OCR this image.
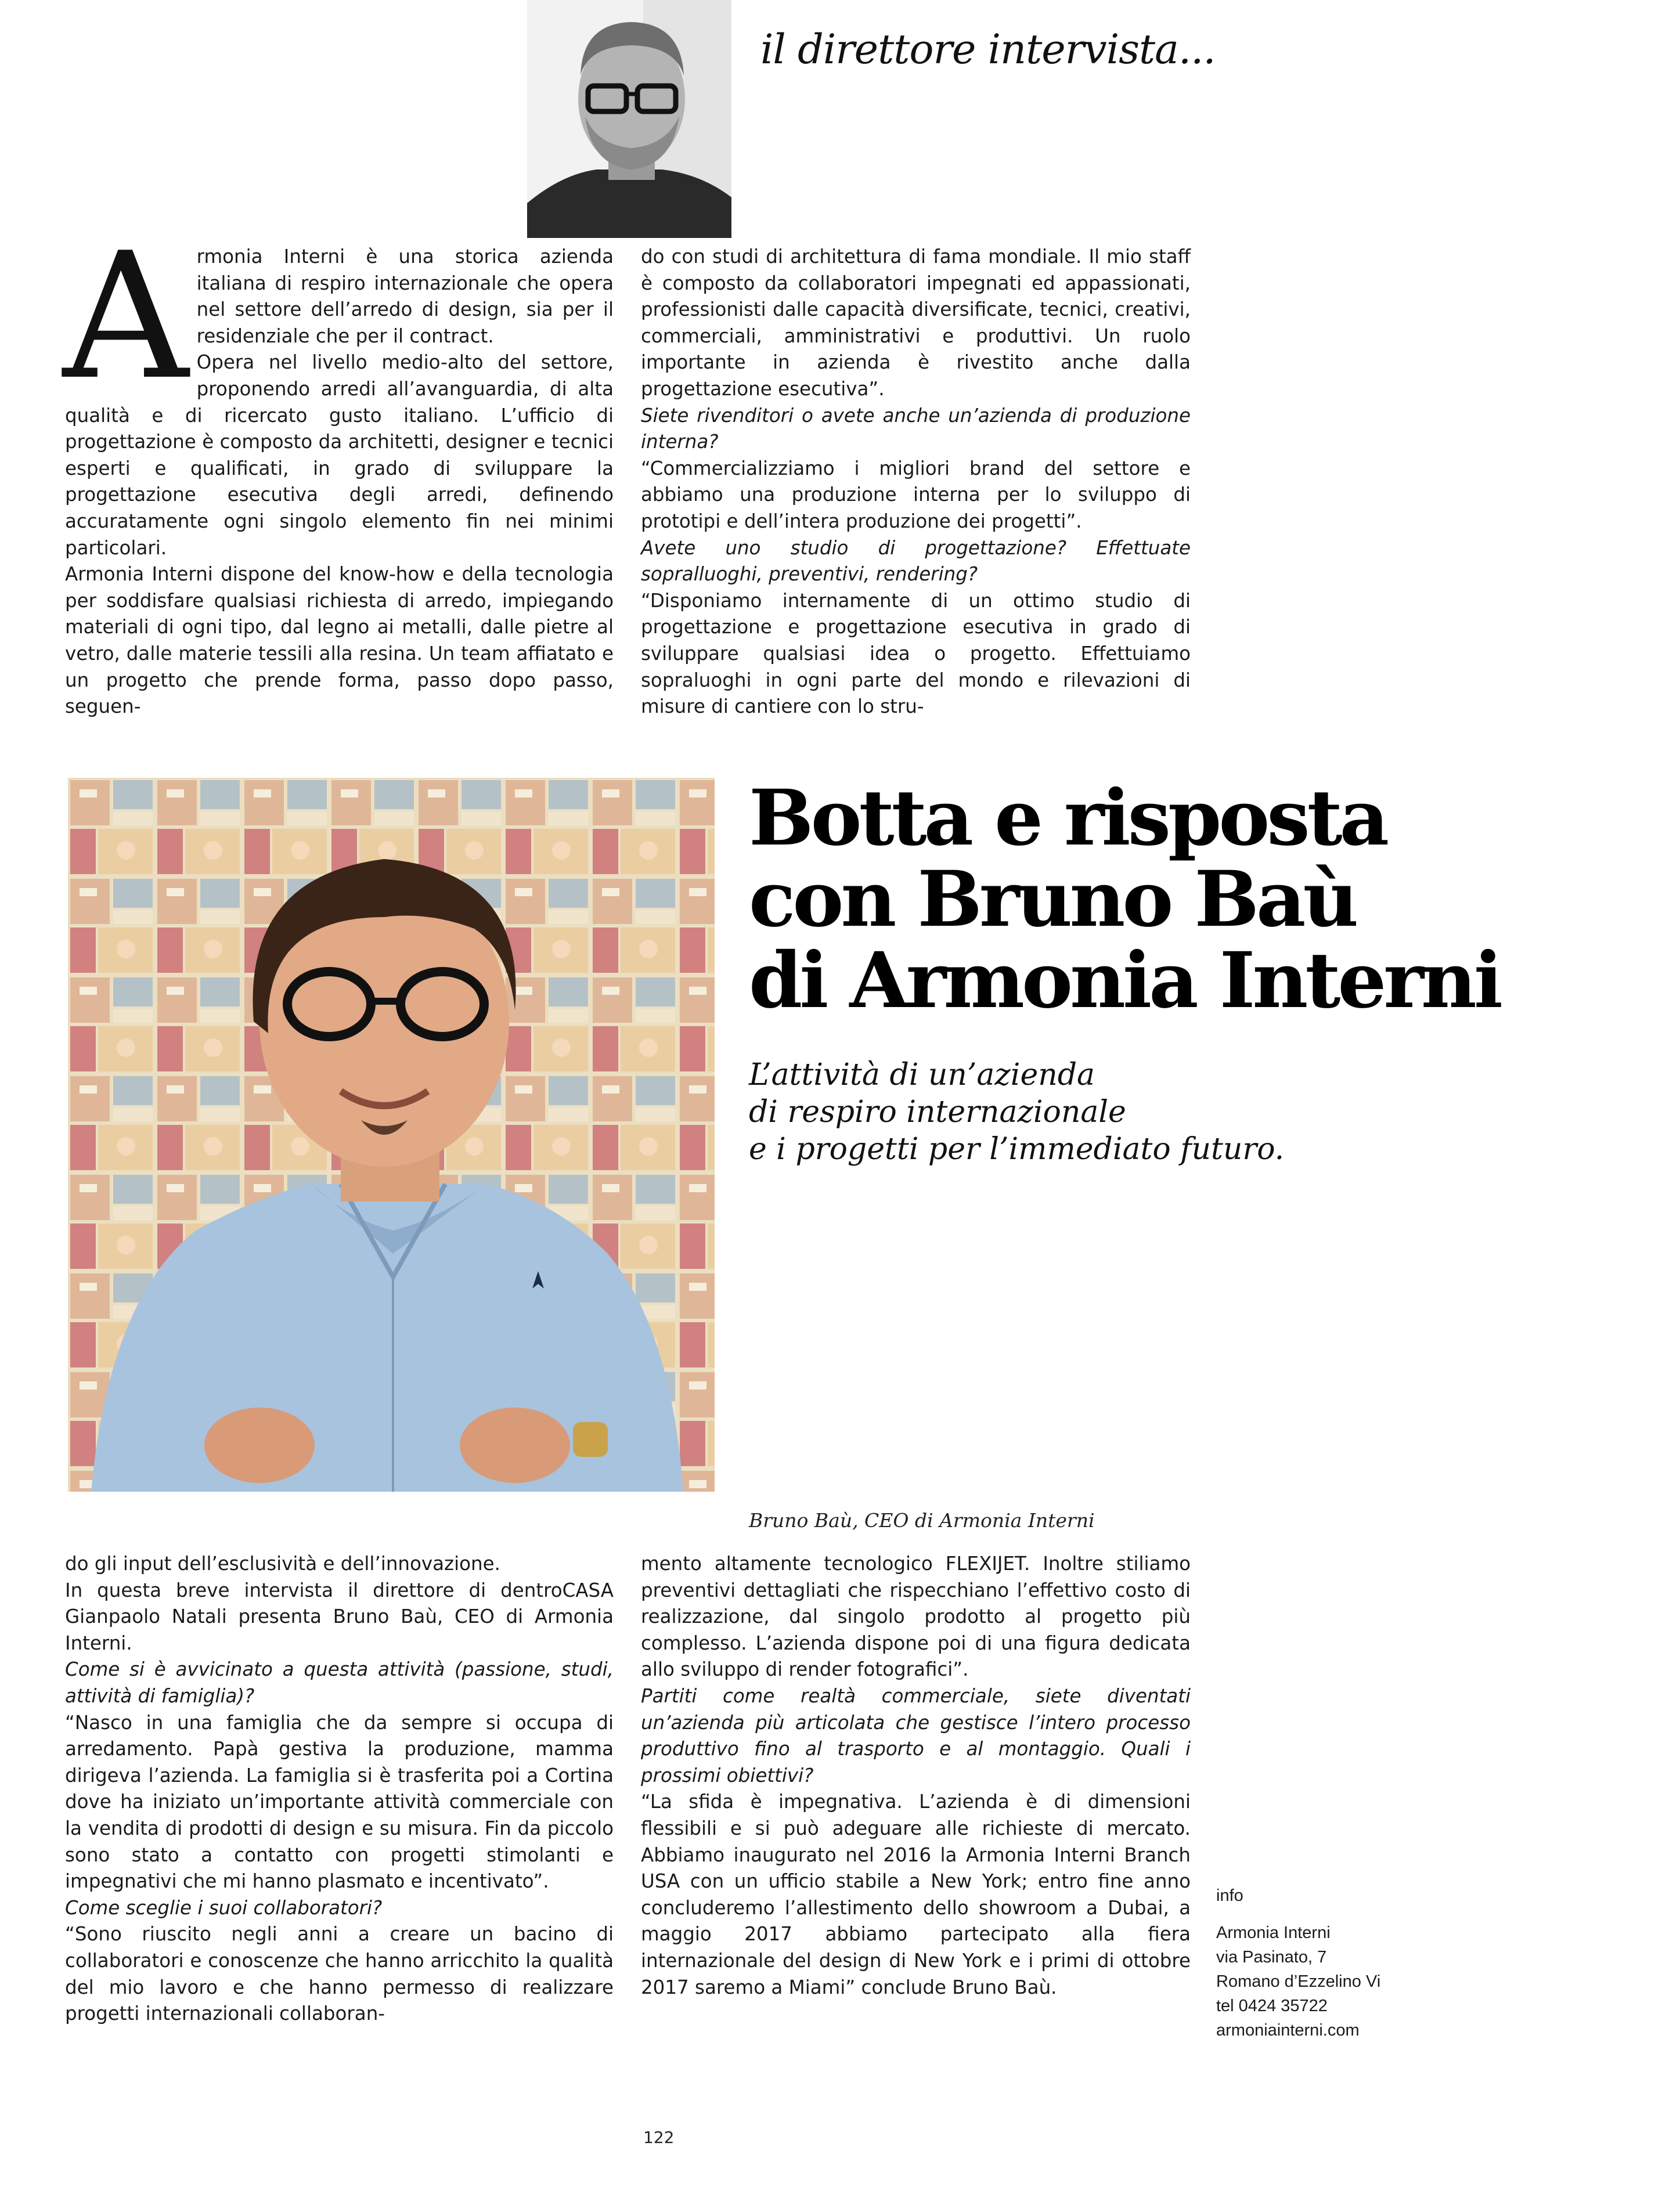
il direttore intervista...

Armonia Interni è una storica azienda italiana di respiro internazionale che opera nel settore dell’arredo di design, sia per il residenziale che per il contract.

Opera nel livello medio-alto del settore, proponendo arredi all’avanguardia, di alta qualità e di ricercato gusto italiano. L’ufficio di progettazione è composto da architetti, designer e tecnici esperti e qualificati, in grado di sviluppare la progettazione esecutiva degli arredi, definendo accuratamente ogni singolo elemento fin nei minimi particolari.

Armonia Interni dispone del know-how e della tecnologia per soddisfare qualsiasi richiesta di arredo, impiegando materiali di ogni tipo, dal legno ai metalli, dalle pietre al vetro, dalle materie tessili alla resina. Un team affiatato e un progetto che prende forma, passo dopo passo, seguen-

do con studi di architettura di fama mondiale. Il mio staff è composto da collaboratori impegnati ed appassionati, professionisti dalle capacità diversificate, tecnici, creativi, commerciali, amministrativi e produttivi. Un ruolo importante in azienda è rivestito anche dalla progettazione esecutiva”.

Siete rivenditori o avete anche un’azienda di produzione interna?

“Commercializziamo i migliori brand del settore e abbiamo una produzione interna per lo sviluppo di prototipi e dell’intera produzione dei progetti”.

Avete uno studio di progettazione? Effettuate sopralluoghi, preventivi, rendering?

“Disponiamo internamente di un ottimo studio di progettazione e progettazione esecutiva in grado di sviluppare qualsiasi idea o progetto. Effettuiamo sopraluoghi in ogni parte del mondo e rilevazioni di misure di cantiere con lo stru-

Botta e risposta
con Bruno Baù
di Armonia Interni
L’attività di un’azienda
di respiro internazionale
e i progetti per l’immediato futuro.
Bruno Baù, CEO di Armonia Interni

do gli input dell’esclusività e dell’innovazione.

In questa breve intervista il direttore di dentroCASA Gianpaolo Natali presenta Bruno Baù, CEO di Armonia Interni.

Come si è avvicinato a questa attività (passione, studi, attività di famiglia)?

“Nasco in una famiglia che da sempre si occupa di arredamento. Papà gestiva la produzione, mamma dirigeva l’azienda. La famiglia si è trasferita poi a Cortina dove ha iniziato un’importante attività commerciale con la vendita di prodotti di design e su misura. Fin da piccolo sono stato a contatto con progetti stimolanti e impegnativi che mi hanno plasmato e incentivato”.

Come sceglie i suoi collaboratori?

“Sono riuscito negli anni a creare un bacino di collaboratori e conoscenze che hanno arricchito la qualità del mio lavoro e che hanno permesso di realizzare progetti internazionali collaboran-

mento altamente tecnologico FLEXIJET. Inoltre stiliamo preventivi dettagliati che rispecchiano l’effettivo costo di realizzazione, dal singolo prodotto al progetto più complesso. L’azienda dispone poi di una figura dedicata allo sviluppo di render fotografici”.

Partiti come realtà commerciale, siete diventati un’azienda più articolata che gestisce l’intero processo produttivo fino al trasporto e al montaggio. Quali i prossimi obiettivi?

“La sfida è impegnativa. L’azienda è di dimensioni flessibili e si può adeguare alle richieste di mercato. Abbiamo inaugurato nel 2016 la Armonia Interni Branch USA con un ufficio stabile a New York; entro fine anno concluderemo l’allestimento dello showroom a Dubai, a maggio 2017 abbiamo partecipato alla fiera internazionale del design di New York e i primi di ottobre 2017 saremo a Miami” conclude Bruno Baù.

info
Armonia Interni
via Pasinato, 7
Romano d’Ezzelino Vi
tel 0424 35722
armoniainterni.com
122
